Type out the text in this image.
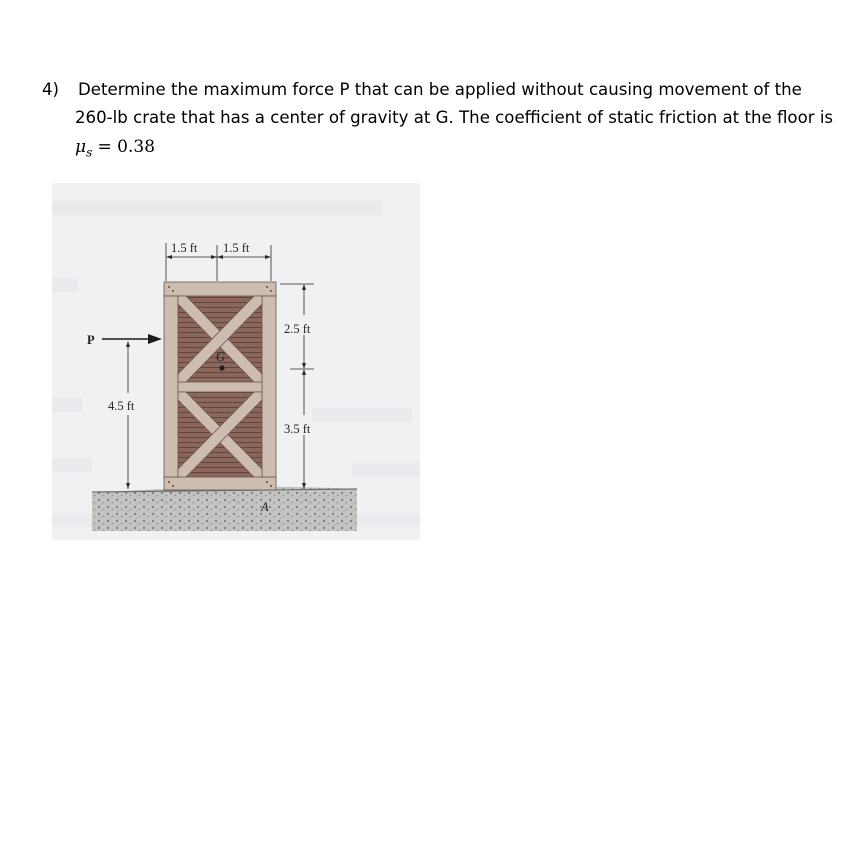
4) Determine the maximum force P that can be applied without causing movement of the
260-lb crate that has a center of gravity at G. The coefficient of static friction at the floor is
$\mu_s = 0.38$
G
P
1.5 ft 1.5 ft
2.5 ft
3.5 ft
4.5 ft
A
